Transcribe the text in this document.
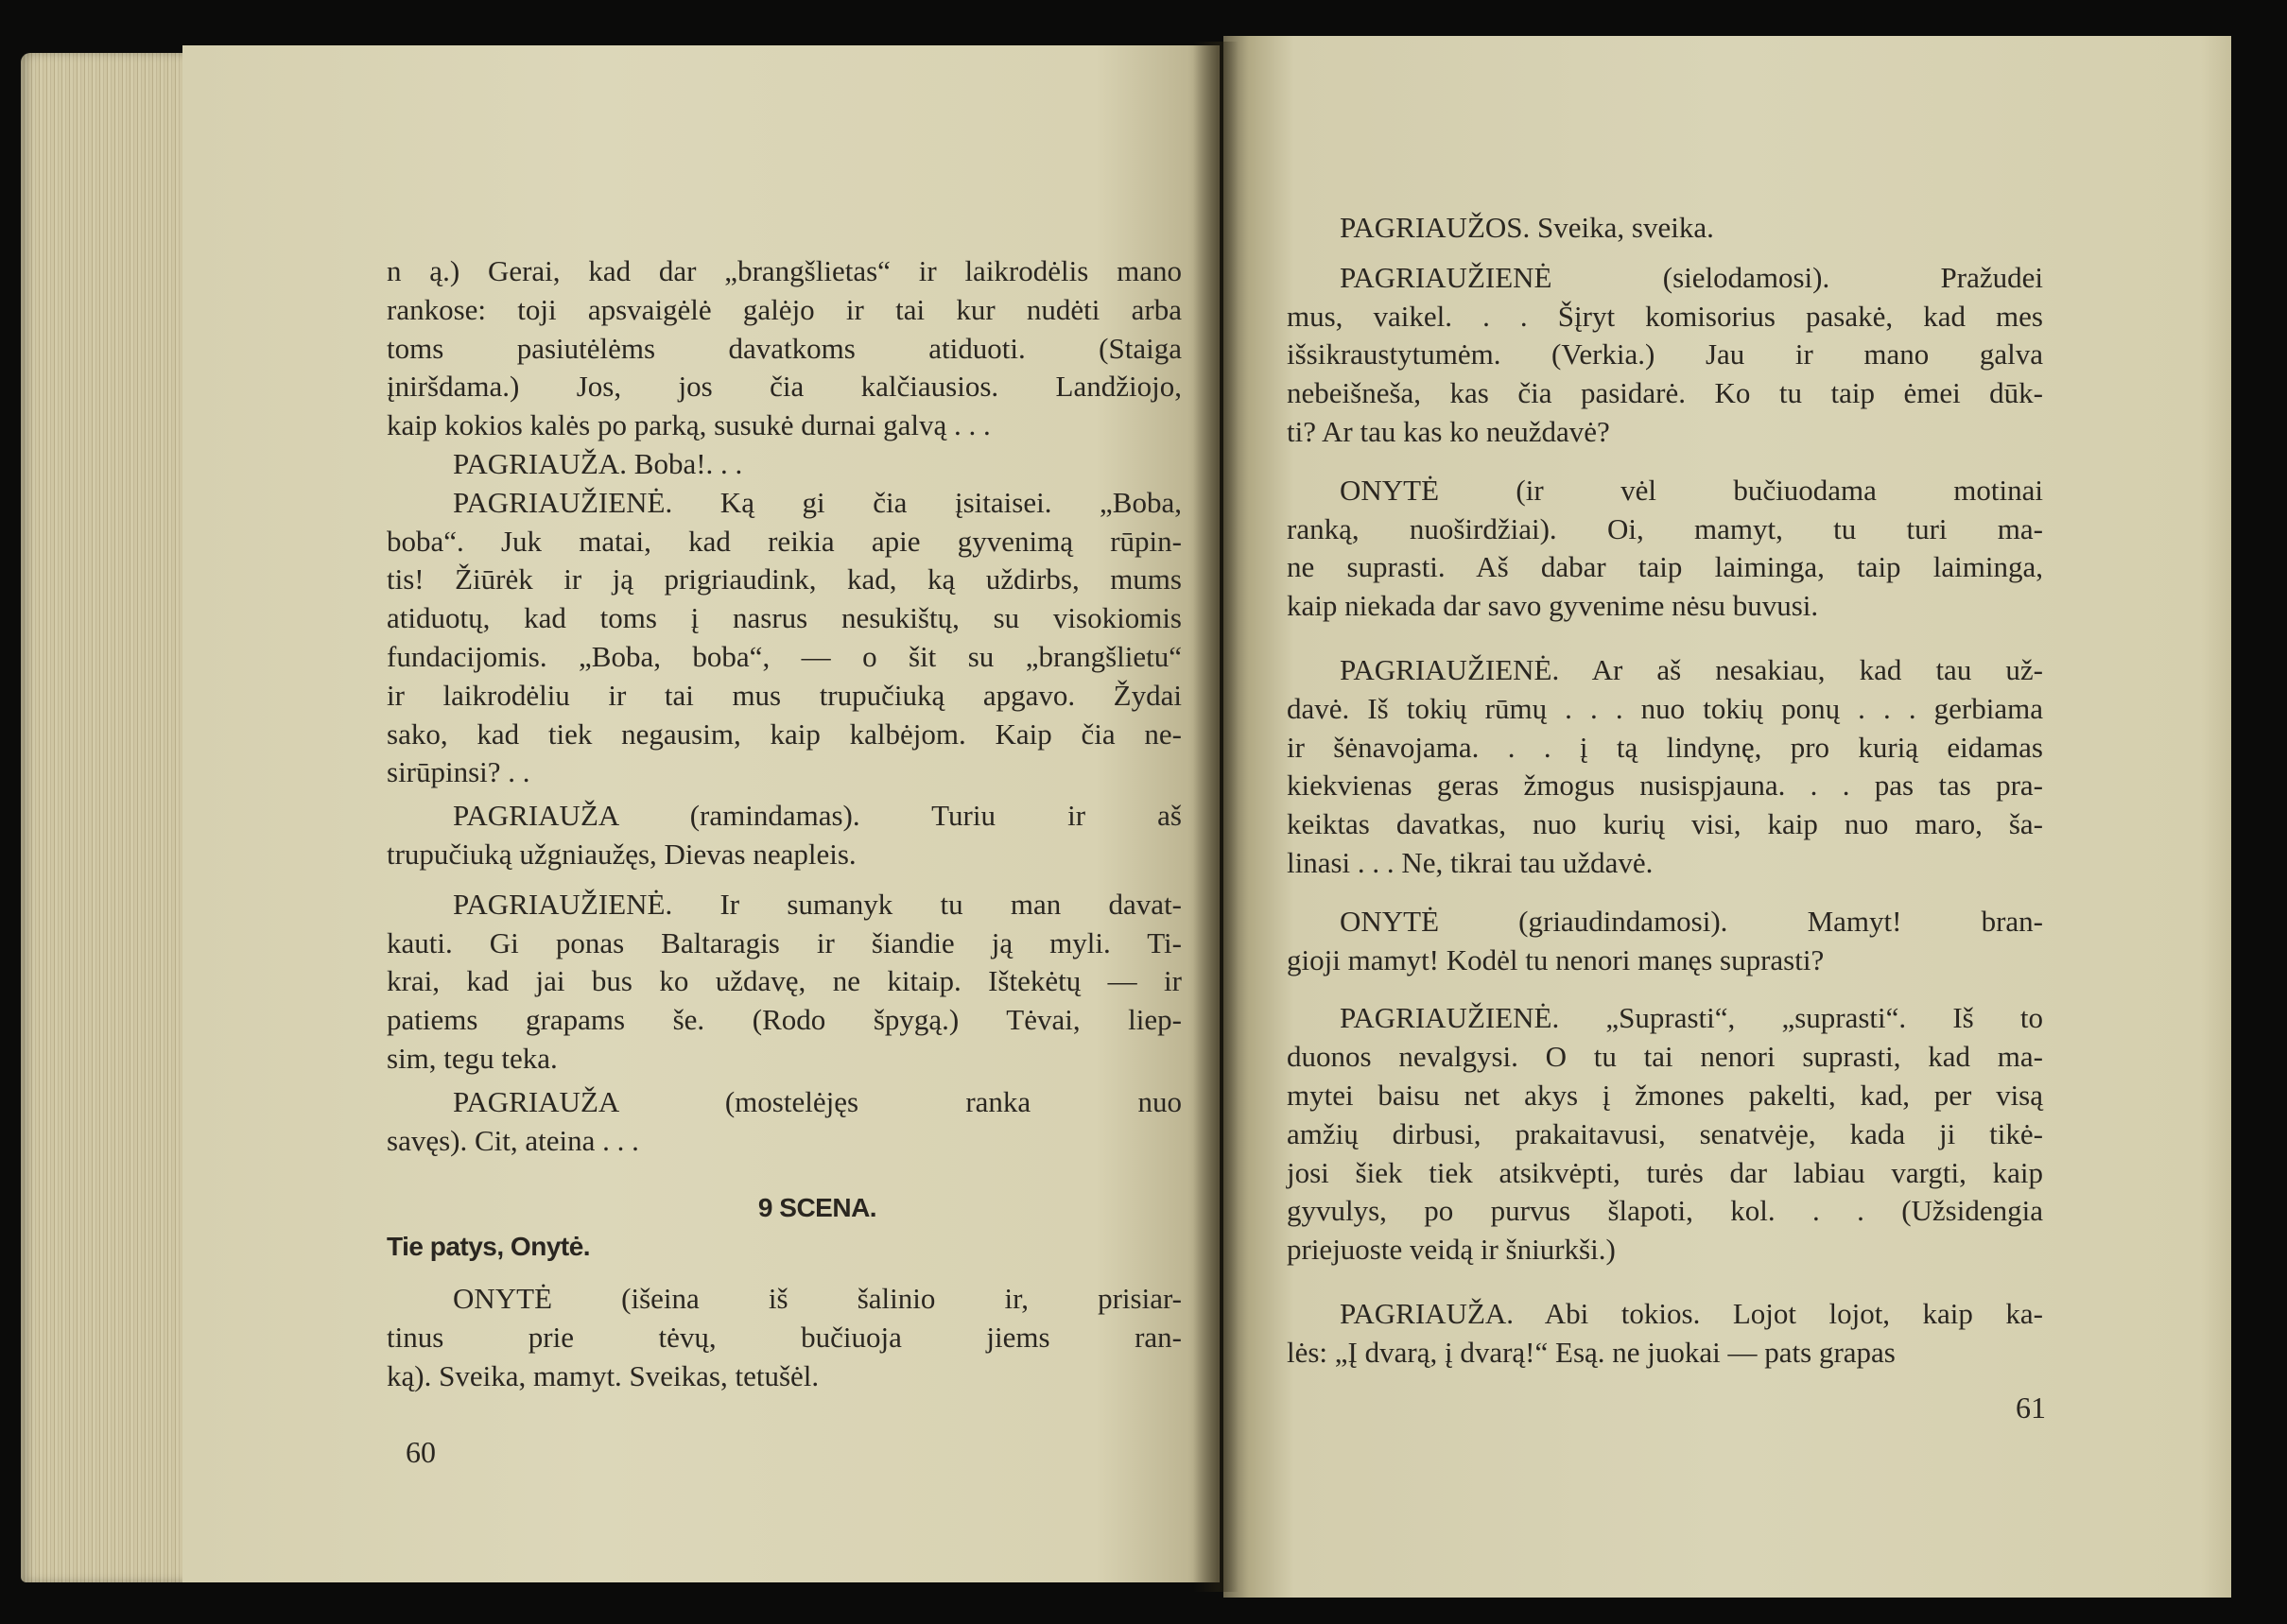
n ą.) Gerai, kad dar „brangšlietas“ ir laikrodėlis mano
rankose: toji apsvaigėlė galėjo ir tai kur nudėti arba
toms pasiutėlėms davatkoms atiduoti. (Staiga
įniršdama.) Jos, jos čia kalčiausios. Landžiojo,
kaip kokios kalės po parką, susukė durnai galvą . . .
PAGRIAUŽA. Boba!. . .
PAGRIAUŽIENĖ. Ką gi čia įsitaisei. „Boba,
boba“. Juk matai, kad reikia apie gyvenimą rūpin-
tis! Žiūrėk ir ją prigriaudink, kad, ką uždirbs, mums
atiduotų, kad toms į nasrus nesukištų, su visokiomis
fundacijomis. „Boba, boba“, — o šit su „brangšlietu“
ir laikrodėliu ir tai mus trupučiuką apgavo. Žydai
sako, kad tiek negausim, kaip kalbėjom. Kaip čia ne-
sirūpinsi? . .
PAGRIAUŽA (ramindamas). Turiu ir aš
trupučiuką užgniaužęs, Dievas neapleis.
PAGRIAUŽIENĖ. Ir sumanyk tu man davat-
kauti. Gi ponas Baltaragis ir šiandie ją myli. Ti-
krai, kad jai bus ko uždavę, ne kitaip. Ištekėtų — ir
patiems grapams še. (Rodo špygą.) Tėvai, liep-
sim, tegu teka.
PAGRIAUŽA (mostelėjęs ranka nuo
savęs). Cit, ateina . . .
9 SCENA.
Tie patys, Onytė.
ONYTĖ (išeina iš šalinio ir, prisiar-
tinus prie tėvų, bučiuoja jiems ran-
ką). Sveika, mamyt. Sveikas, tetušėl.
60
PAGRIAUŽOS. Sveika, sveika.
PAGRIAUŽIENĖ (sielodamosi). Pražudei
mus, vaikel. . . Šįryt komisorius pasakė, kad mes
išsikraustytumėm. (Verkia.) Jau ir mano galva
nebeišneša, kas čia pasidarė. Ko tu taip ėmei dūk-
ti? Ar tau kas ko neuždavė?
ONYTĖ (ir vėl bučiuodama motinai
ranką, nuoširdžiai). Oi, mamyt, tu turi ma-
ne suprasti. Aš dabar taip laiminga, taip laiminga,
kaip niekada dar savo gyvenime nėsu buvusi.
PAGRIAUŽIENĖ. Ar aš nesakiau, kad tau už-
davė. Iš tokių rūmų . . . nuo tokių ponų . . . gerbiama
ir šėnavojama. . . į tą lindynę, pro kurią eidamas
kiekvienas geras žmogus nusispjauna. . . pas tas pra-
keiktas davatkas, nuo kurių visi, kaip nuo maro, ša-
linasi . . . Ne, tikrai tau uždavė.
ONYTĖ (griaudindamosi). Mamyt! bran-
gioji mamyt! Kodėl tu nenori manęs suprasti?
PAGRIAUŽIENĖ. „Suprasti“, „suprasti“. Iš to
duonos nevalgysi. O tu tai nenori suprasti, kad ma-
mytei baisu net akys į žmones pakelti, kad, per visą
amžių dirbusi, prakaitavusi, senatvėje, kada ji tikė-
josi šiek tiek atsikvėpti, turės dar labiau vargti, kaip
gyvulys, po purvus šlapoti, kol. . . (Užsidengia
priejuoste veidą ir šniurkši.)
PAGRIAUŽA. Abi tokios. Lojot lojot, kaip ka-
lės: „Į dvarą, į dvarą!“ Esą. ne juokai — pats grapas
61
